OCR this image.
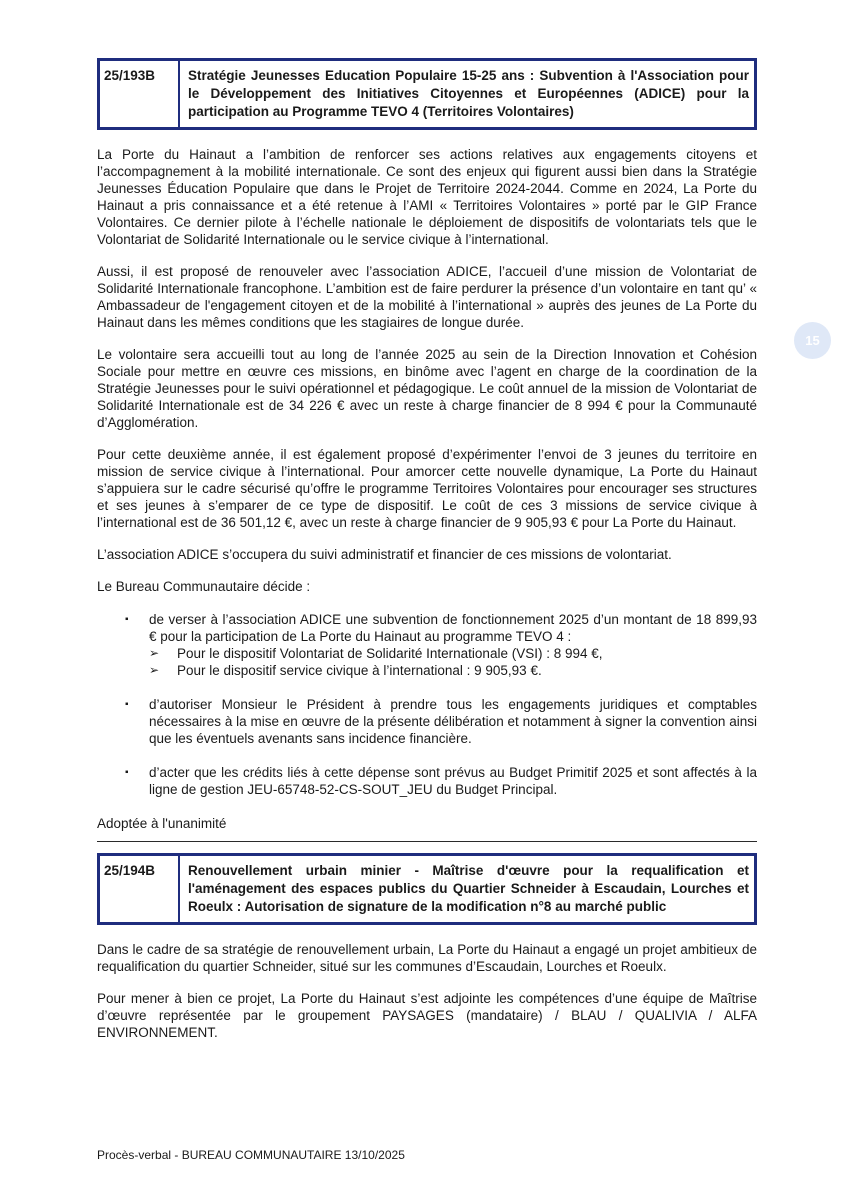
25/193B	Stratégie Jeunesses Education Populaire 15-25 ans : Subvention à l'Association pour le Développement des Initiatives Citoyennes et Européennes (ADICE) pour la participation au Programme TEVO 4 (Territoires Volontaires)

La Porte du Hainaut a l’ambition de renforcer ses actions relatives aux engagements citoyens et l’accompagnement à la mobilité internationale. Ce sont des enjeux qui figurent aussi bien dans la Stratégie Jeunesses Éducation Populaire que dans le Projet de Territoire 2024-2044. Comme en 2024, La Porte du Hainaut a pris connaissance et a été retenue à l’AMI « Territoires Volontaires » porté par le GIP France Volontaires. Ce dernier pilote à l’échelle nationale le déploiement de dispositifs de volontariats tels que le Volontariat de Solidarité Internationale ou le service civique à l’international.

Aussi, il est proposé de renouveler avec l’association ADICE, l’accueil d’une mission de Volontariat de Solidarité Internationale francophone. L’ambition est de faire perdurer la présence d’un volontaire en tant qu’ « Ambassadeur de l'engagement citoyen et de la mobilité à l’international » auprès des jeunes de La Porte du Hainaut dans les mêmes conditions que les stagiaires de longue durée.

Le volontaire sera accueilli tout au long de l’année 2025 au sein de la Direction Innovation et Cohésion Sociale pour mettre en œuvre ces missions, en binôme avec l’agent en charge de la coordination de la Stratégie Jeunesses pour le suivi opérationnel et pédagogique. Le coût annuel de la mission de Volontariat de Solidarité Internationale est de 34 226 € avec un reste à charge financier de 8 994 € pour la Communauté d’Agglomération.

Pour cette deuxième année, il est également proposé d’expérimenter l’envoi de 3 jeunes du territoire en mission de service civique à l’international. Pour amorcer cette nouvelle dynamique, La Porte du Hainaut s’appuiera sur le cadre sécurisé qu’offre le programme Territoires Volontaires pour encourager ses structures et ses jeunes à s’emparer de ce type de dispositif. Le coût de ces 3 missions de service civique à l’international est de 36 501,12 €, avec un reste à charge financier de 9 905,93 € pour La Porte du Hainaut.

L’association ADICE s’occupera du suivi administratif et financier de ces missions de volontariat.

Le Bureau Communautaire décide :

▪	de verser à l’association ADICE une subvention de fonctionnement 2025 d’un montant de 18 899,93 € pour la participation de La Porte du Hainaut au programme TEVO 4 :
➢	Pour le dispositif Volontariat de Solidarité Internationale (VSI) : 8 994 €,
➢	Pour le dispositif service civique à l’international : 9 905,93 €.
▪	d’autoriser Monsieur le Président à prendre tous les engagements juridiques et comptables nécessaires à la mise en œuvre de la présente délibération et notamment à signer la convention ainsi que les éventuels avenants sans incidence financière.
▪	d’acter que les crédits liés à cette dépense sont prévus au Budget Primitif 2025 et sont affectés à la ligne de gestion JEU-65748-52-CS-SOUT_JEU du Budget Principal.

Adoptée à l'unanimité

25/194B	Renouvellement urbain minier - Maîtrise d'œuvre pour la requalification et l'aménagement des espaces publics du Quartier Schneider à Escaudain, Lourches et Roeulx : Autorisation de signature de la modification n°8 au marché public

Dans le cadre de sa stratégie de renouvellement urbain, La Porte du Hainaut a engagé un projet ambitieux de requalification du quartier Schneider, situé sur les communes d’Escaudain, Lourches et Roeulx.

Pour mener à bien ce projet, La Porte du Hainaut s’est adjointe les compétences d’une équipe de Maîtrise d’œuvre représentée par le groupement PAYSAGES (mandataire) / BLAU / QUALIVIA / ALFA ENVIRONNEMENT.

15
Procès-verbal - BUREAU COMMUNAUTAIRE 13/10/2025
